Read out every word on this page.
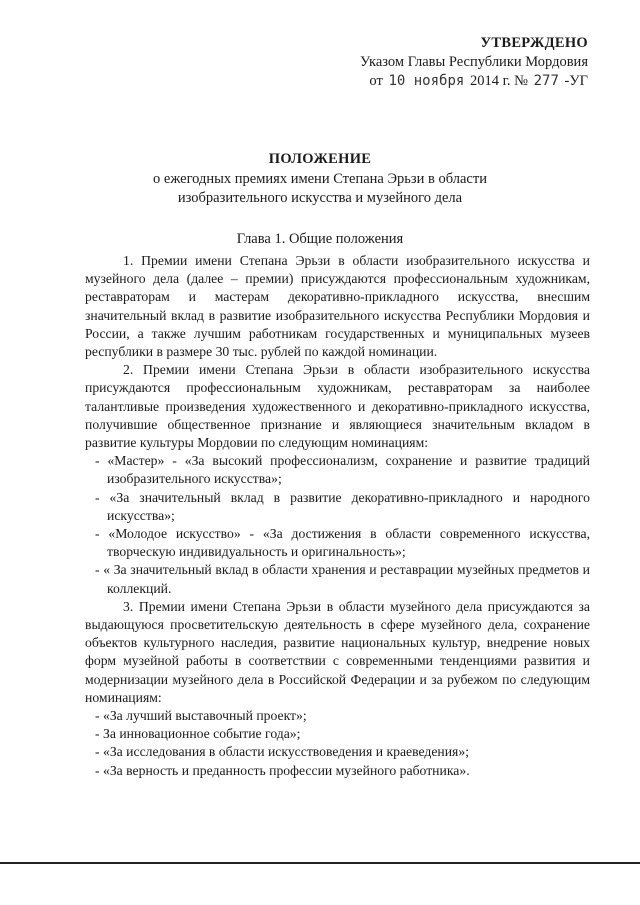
УТВЕРЖДЕНО
Указом Главы Республики Мордовия
от 10 ноября 2014 г. № 277 -УГ
ПОЛОЖЕНИЕ
о ежегодных премиях имени Степана Эрьзи в области изобразительного искусства и музейного дела
Глава 1. Общие положения

1. Премии имени Степана Эрьзи в области изобразительного искусства и музейного дела (далее – премии) присуждаются профессиональным художникам, реставраторам и мастерам декоративно-прикладного искусства, внесшим значительный вклад в развитие изобразительного искусства Республики Мордовия и России, а также лучшим работникам государственных и муниципальных музеев республики в размере 30 тыс. рублей по каждой номинации.

2. Премии имени Степана Эрьзи в области изобразительного искусства присуждаются профессиональным художникам, реставраторам за наиболее талантливые произведения художественного и декоративно-прикладного искусства, получившие общественное признание и являющиеся значительным вкладом в развитие культуры Мордовии по следующим номинациям:

- «Мастер» - «За высокий профессионализм, сохранение и развитие традиций изобразительного искусства»;
- «За значительный вклад в развитие декоративно-прикладного и народного искусства»;
- «Молодое искусство» - «За достижения в области современного искусства, творческую индивидуальность и оригинальность»;
- « За значительный вклад в области хранения и реставрации музейных предметов и коллекций.

3. Премии имени Степана Эрьзи в области музейного дела присуждаются за выдающуюся просветительскую деятельность в сфере музейного дела, сохранение объектов культурного наследия, развитие национальных культур, внедрение новых форм музейной работы в соответствии с современными тенденциями развития и модернизации музейного дела в Российской Федерации и за рубежом по следующим номинациям:

- «За лучший выставочный проект»;
- За инновационное событие года»;
- «За исследования в области искусствоведения и краеведения»;
- «За верность и преданность профессии музейного работника».
